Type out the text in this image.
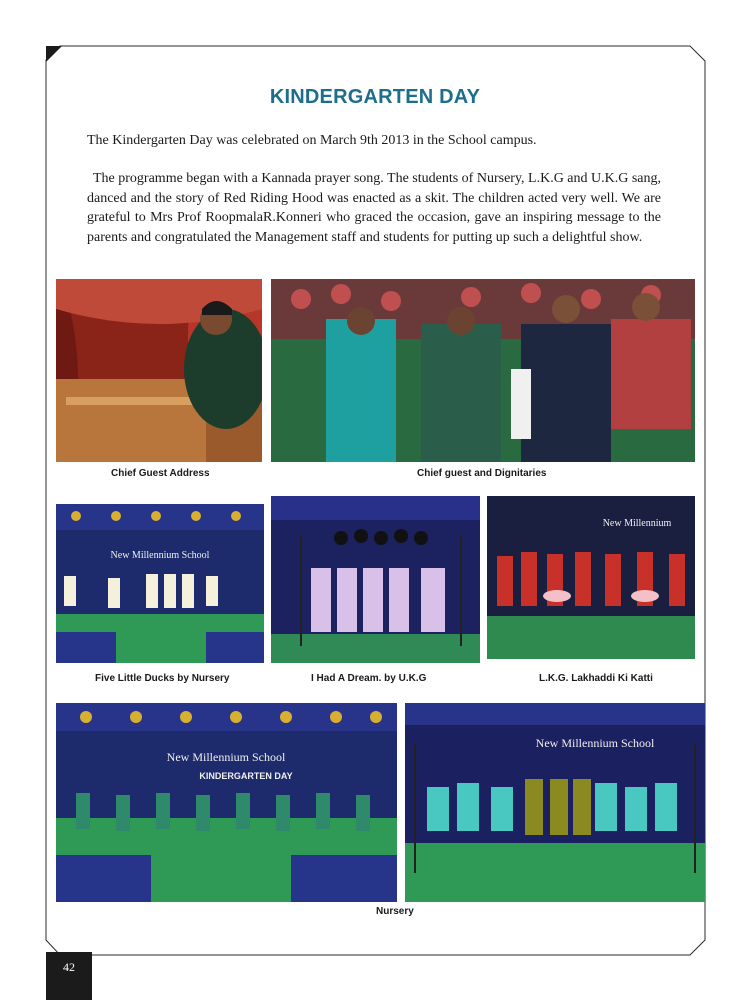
KINDERGARTEN DAY

The Kindergarten Day was celebrated on March 9th 2013 in the School campus.

The programme began with a Kannada prayer song. The students of Nursery, L.K.G and U.K.G sang, danced and the story of Red Riding Hood was enacted as a skit. The children acted very well. We are grateful to Mrs Prof RoopmalaR.Konneri who graced the occasion, gave an inspiring message to the parents and congratulated the Management staff and students for putting up such a delightful show.

Chief Guest Address	Chief guest and Dignitaries

New Millennium School
New Millennium

Five Little Ducks by Nursery	I Had A Dream. by U.K.G	L.K.G. Lakhaddi Ki Katti

New Millennium School
KINDERGARTEN DAY
New Millennium School

Nursery

42
